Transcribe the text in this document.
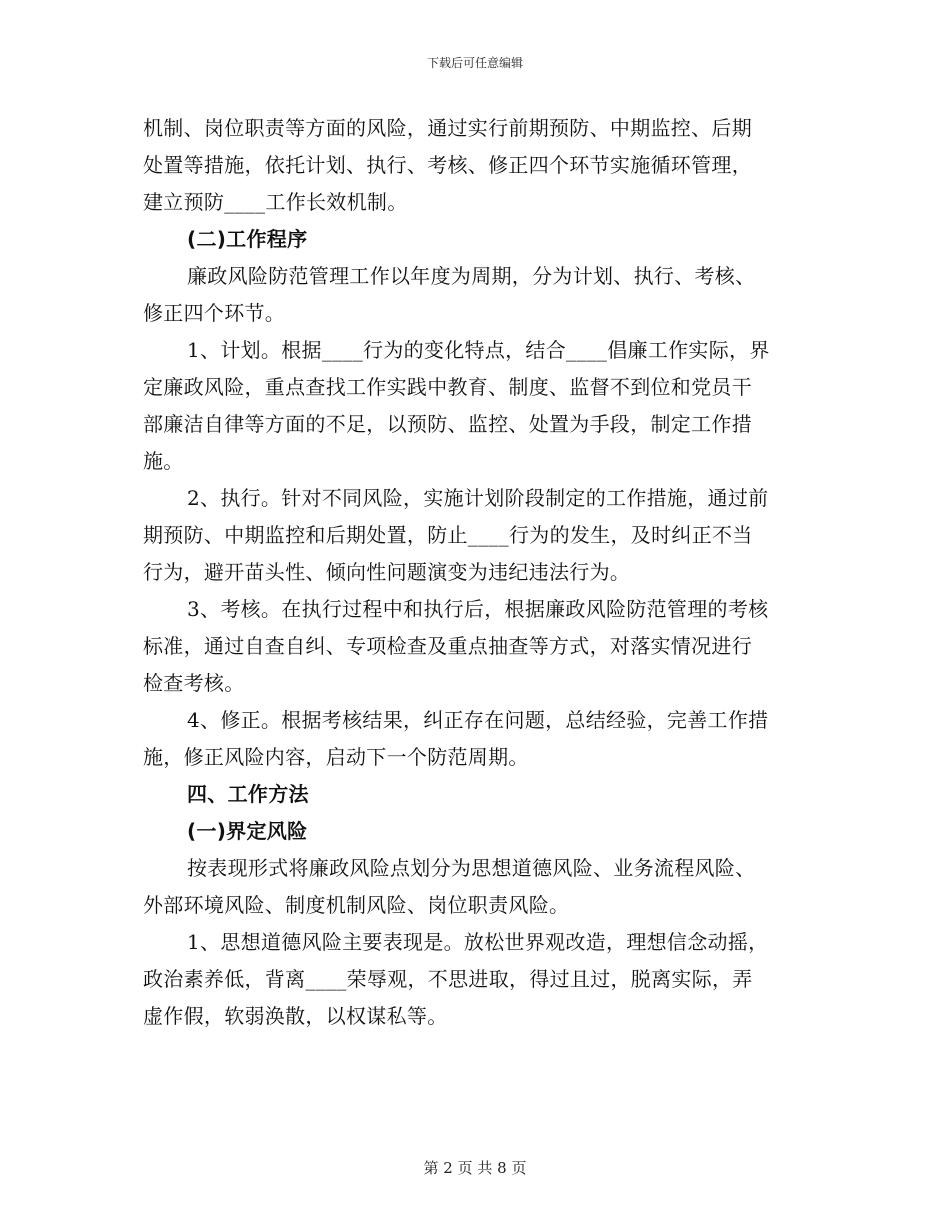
下载后可任意编辑
机制、岗位职责等方面的风险，通过实行前期预防、中期监控、后期
处置等措施，依托计划、执行、考核、修正四个环节实施循环管理，
建立预防____工作长效机制。
(二)工作程序
廉政风险防范管理工作以年度为周期，分为计划、执行、考核、
修正四个环节。
1、计划。根据____行为的变化特点，结合____倡廉工作实际，界
定廉政风险，重点查找工作实践中教育、制度、监督不到位和党员干
部廉洁自律等方面的不足，以预防、监控、处置为手段，制定工作措
施。
2、执行。针对不同风险，实施计划阶段制定的工作措施，通过前
期预防、中期监控和后期处置，防止____行为的发生，及时纠正不当
行为，避开苗头性、倾向性问题演变为违纪违法行为。
3、考核。在执行过程中和执行后，根据廉政风险防范管理的考核
标准，通过自查自纠、专项检查及重点抽查等方式，对落实情况进行
检查考核。
4、修正。根据考核结果，纠正存在问题，总结经验，完善工作措
施，修正风险内容，启动下一个防范周期。
四、工作方法
(一)界定风险
按表现形式将廉政风险点划分为思想道德风险、业务流程风险、
外部环境风险、制度机制风险、岗位职责风险。
1、思想道德风险主要表现是。放松世界观改造，理想信念动摇，
政治素养低，背离____荣辱观，不思进取，得过且过，脱离实际，弄
虚作假，软弱涣散，以权谋私等。
第 2 页 共 8 页
